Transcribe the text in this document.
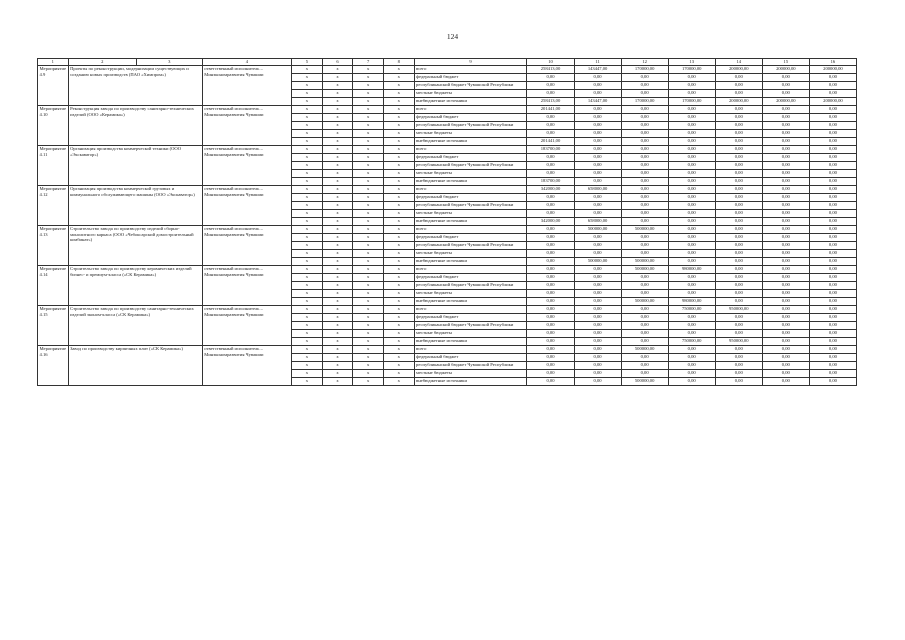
124
1	2	3	4	5	6	7	8	9	10	11	12	13	14	15	16
Мероприятие 4.9	Проекты по реконструкции, модернизации существующих и созданию новых производств (ПАО «Химпром»)		ответственный исполнитель – Минэкономразвития Чувашии	x	x	x	x	всего	258413,00	143447,00	170000,00	170000,00	200000,00	200000,00	200000,00
				x	x	x	x	федеральный бюджет	0,00	0,00	0,00	0,00	0,00	0,00	0,00
				x	x	x	x	республиканский бюджет Чувашской Республики	0,00	0,00	0,00	0,00	0,00	0,00	0,00
				x	x	x	x	местные бюджеты	0,00	0,00	0,00	0,00	0,00	0,00	0,00
				x	x	x	x	внебюджетные источники	258413,00	143447,00	170000,00	170000,00	200000,00	200000,00	200000,00
Мероприятие 4.10	Реконструкция завода по производству санитарно-технических изделий (ООО «Керамика»)		ответственный исполнитель – Минэкономразвития Чувашии	x	x	x	x	всего	201441,00	0,00	0,00	0,00	0,00	0,00	0,00
				x	x	x	x	федеральный бюджет	0,00	0,00	0,00	0,00	0,00	0,00	0,00
				x	x	x	x	республиканский бюджет Чувашской Республики	0,00	0,00	0,00	0,00	0,00	0,00	0,00
				x	x	x	x	местные бюджеты	0,00	0,00	0,00	0,00	0,00	0,00	0,00
				x	x	x	x	внебюджетные источники	201441,00	0,00	0,00	0,00	0,00	0,00	0,00
Мероприятие 4.11	Организация производства коммерческой техники (ООО «Экскаватор»)		ответственный исполнитель – Минэкономразвития Чувашии	x	x	x	x	всего	183700,00	0,00	0,00	0,00	0,00	0,00	0,00
				x	x	x	x	федеральный бюджет	0,00	0,00	0,00	0,00	0,00	0,00	0,00
				x	x	x	x	республиканский бюджет Чувашской Республики	0,00	0,00	0,00	0,00	0,00	0,00	0,00
				x	x	x	x	местные бюджеты	0,00	0,00	0,00	0,00	0,00	0,00	0,00
				x	x	x	x	внебюджетные источники	183700,00	0,00	0,00	0,00	0,00	0,00	0,00
Мероприятие 4.12	Организация производства коммерческой грузовых и коммунального обслуживающего машины (ООО «Экскаватор»)		ответственный исполнитель – Минэкономразвития Чувашии	x	x	x	x	всего	342000,00	658000,00	0,00	0,00	0,00	0,00	0,00
				x	x	x	x	федеральный бюджет	0,00	0,00	0,00	0,00	0,00	0,00	0,00
				x	x	x	x	республиканский бюджет Чувашской Республики	0,00	0,00	0,00	0,00	0,00	0,00	0,00
				x	x	x	x	местные бюджеты	0,00	0,00	0,00	0,00	0,00	0,00	0,00
				x	x	x	x	внебюджетные источники	342000,00	658000,00	0,00	0,00	0,00	0,00	0,00
Мероприятие 4.13	Строительство завода по производству изделий сборно-монолитного каркаса (ООО «Чебоксарский домостроительный комбинат»)		ответственный исполнитель – Минэкономразвития Чувашии	x	x	x	x	всего	0,00	500000,00	500000,00	0,00	0,00	0,00	0,00
				x	x	x	x	федеральный бюджет	0,00	0,00	0,00	0,00	0,00	0,00	0,00
				x	x	x	x	республиканский бюджет Чувашской Республики	0,00	0,00	0,00	0,00	0,00	0,00	0,00
				x	x	x	x	местные бюджеты	0,00	0,00	0,00	0,00	0,00	0,00	0,00
				x	x	x	x	внебюджетные источники	0,00	500000,00	500000,00	0,00	0,00	0,00	0,00
Мероприятие 4.14	Строительство завода по производству керамических изделий бизнес- и премиум-класса («СК Керамика»)		ответственный исполнитель – Минэкономразвития Чувашии	x	x	x	x	всего	0,00	0,00	500000,00	980000,00	0,00	0,00	0,00
				x	x	x	x	федеральный бюджет	0,00	0,00	0,00	0,00	0,00	0,00	0,00
				x	x	x	x	республиканский бюджет Чувашской Республики	0,00	0,00	0,00	0,00	0,00	0,00	0,00
				x	x	x	x	местные бюджеты	0,00	0,00	0,00	0,00	0,00	0,00	0,00
				x	x	x	x	внебюджетные источники	0,00	0,00	500000,00	980000,00	0,00	0,00	0,00
Мероприятие 4.15	Строительство завода по производству санитарно-технических изделий эконом-класса («СК Керамика»)		ответственный исполнитель – Минэкономразвития Чувашии	x	x	x	x	всего	0,00	0,00	0,00	750000,00	950000,00	0,00	0,00
				x	x	x	x	федеральный бюджет	0,00	0,00	0,00	0,00	0,00	0,00	0,00
				x	x	x	x	республиканский бюджет Чувашской Республики	0,00	0,00	0,00	0,00	0,00	0,00	0,00
				x	x	x	x	местные бюджеты	0,00	0,00	0,00	0,00	0,00	0,00	0,00
				x	x	x	x	внебюджетные источники	0,00	0,00	0,00	750000,00	950000,00	0,00	0,00
Мероприятие 4.16	Завод по производству кирпичных плит («СК Керамика»)		ответственный исполнитель – Минэкономразвития Чувашии	x	x	x	x	всего	0,00	0,00	500000,00	0,00	0,00	0,00	0,00
				x	x	x	x	федеральный бюджет	0,00	0,00	0,00	0,00	0,00	0,00	0,00
				x	x	x	x	республиканский бюджет Чувашской Республики	0,00	0,00	0,00	0,00	0,00	0,00	0,00
				x	x	x	x	местные бюджеты	0,00	0,00	0,00	0,00	0,00	0,00	0,00
				x	x	x	x	внебюджетные источники	0,00	0,00	500000,00	0,00	0,00	0,00	0,00
